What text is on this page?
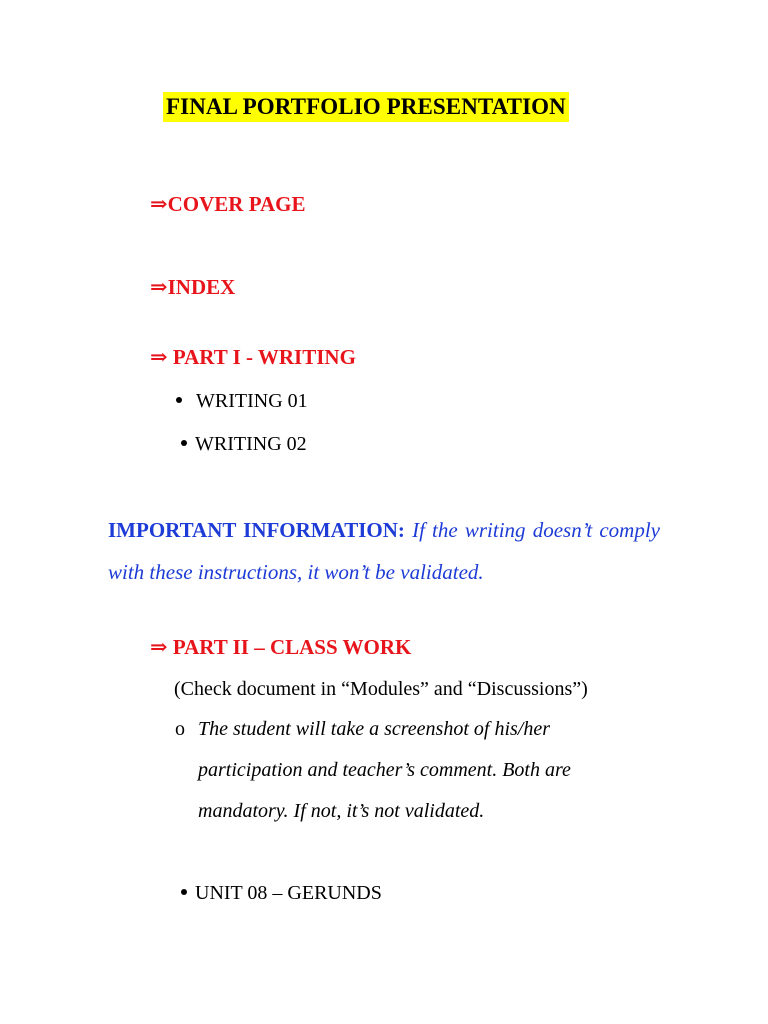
FINAL PORTFOLIO PRESENTATION
⇒COVER PAGE
⇒INDEX
⇒ PART I - WRITING
WRITING 01
WRITING 02
IMPORTANT INFORMATION: If the writing doesn’t comply with these instructions, it won’t be validated.
⇒ PART II – CLASS WORK
(Check document in “Modules” and “Discussions”)
o The student will take a screenshot of his/her participation and teacher’s comment. Both are mandatory. If not, it’s not validated.
UNIT 08 – GERUNDS
